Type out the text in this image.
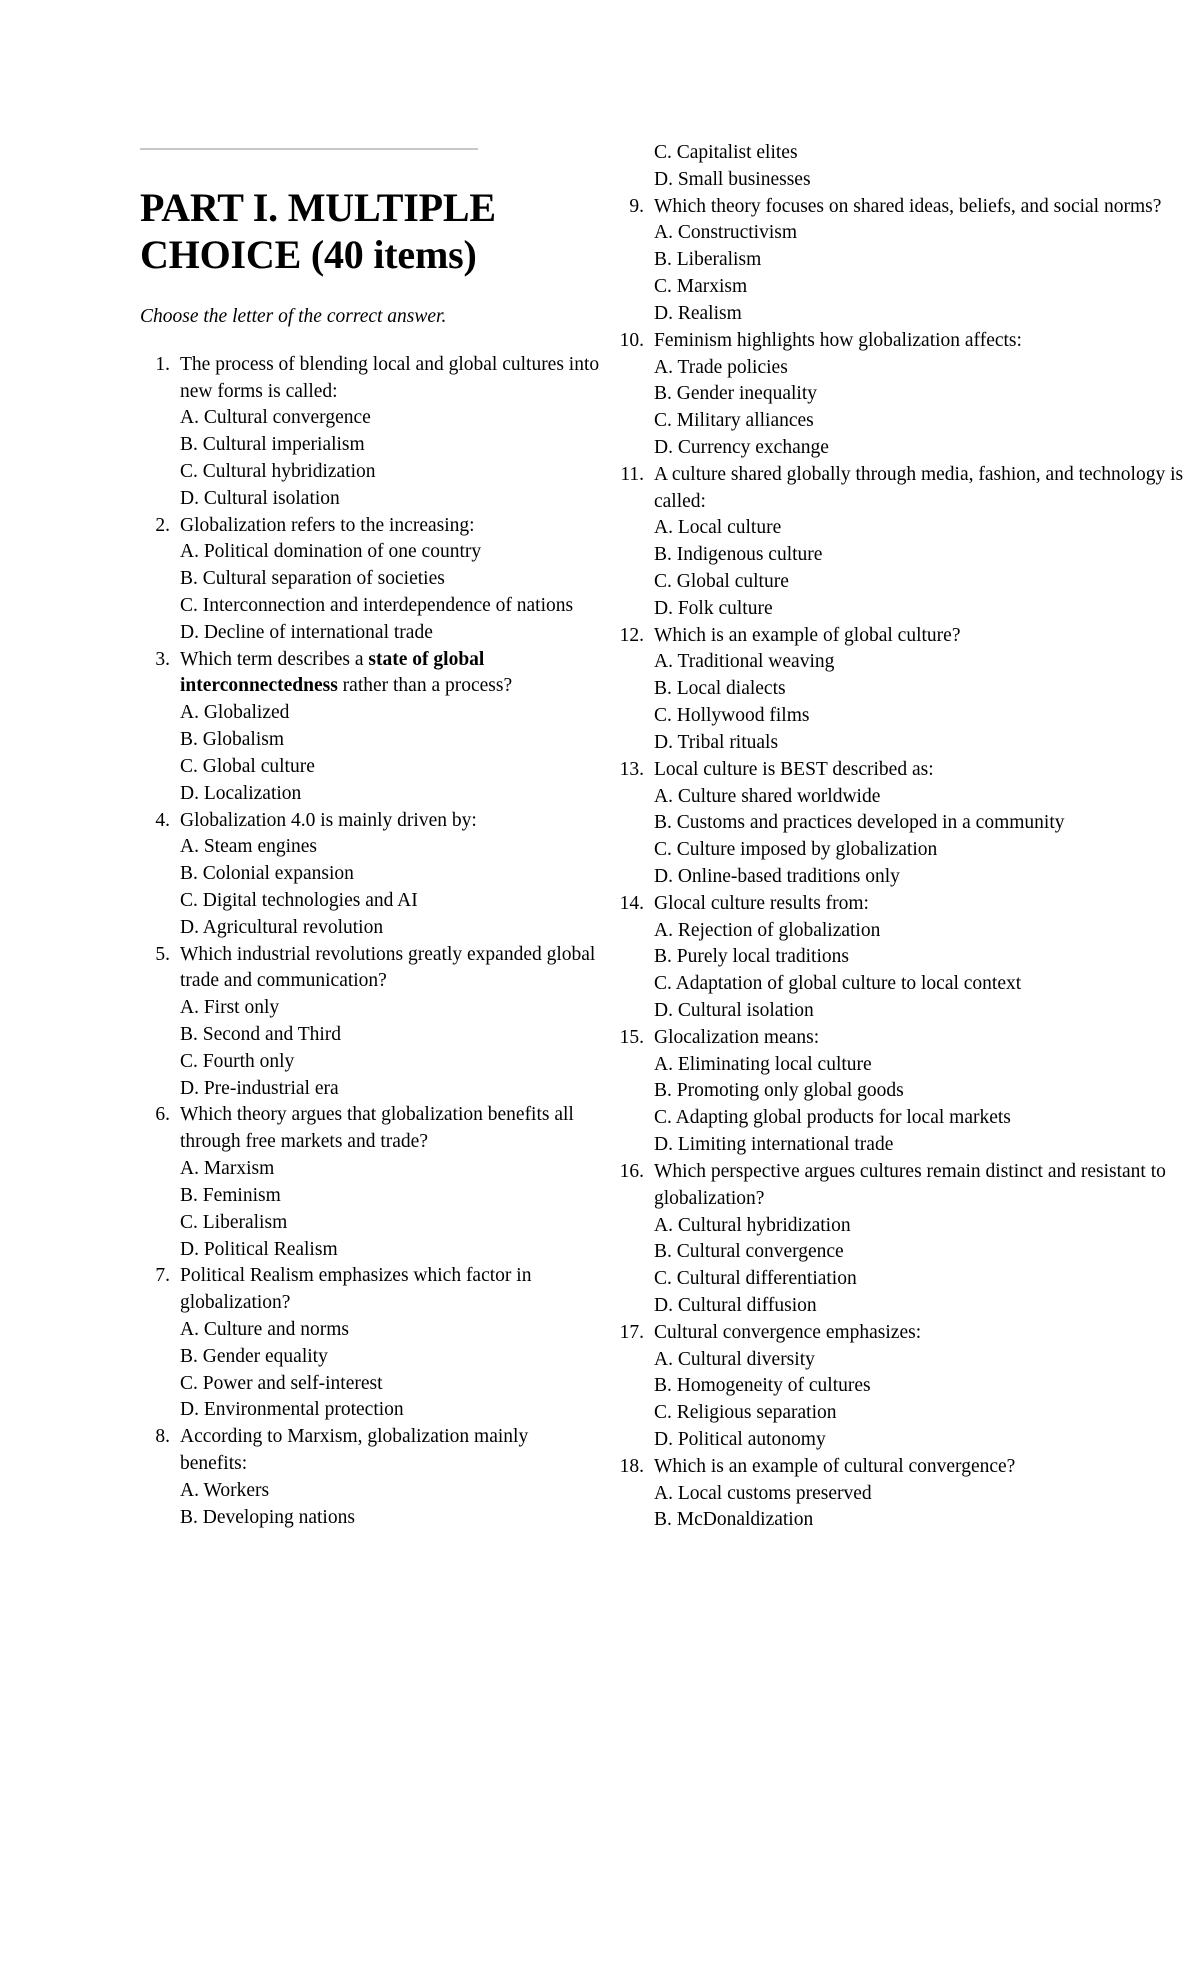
PART I. MULTIPLE CHOICE (40 items)
Choose the letter of the correct answer.
1. The process of blending local and global cultures into new forms is called:
A. Cultural convergence
B. Cultural imperialism
C. Cultural hybridization
D. Cultural isolation
2. Globalization refers to the increasing:
A. Political domination of one country
B. Cultural separation of societies
C. Interconnection and interdependence of nations
D. Decline of international trade
3. Which term describes a state of global interconnectedness rather than a process?
A. Globalized
B. Globalism
C. Global culture
D. Localization
4. Globalization 4.0 is mainly driven by:
A. Steam engines
B. Colonial expansion
C. Digital technologies and AI
D. Agricultural revolution
5. Which industrial revolutions greatly expanded global trade and communication?
A. First only
B. Second and Third
C. Fourth only
D. Pre-industrial era
6. Which theory argues that globalization benefits all through free markets and trade?
A. Marxism
B. Feminism
C. Liberalism
D. Political Realism
7. Political Realism emphasizes which factor in globalization?
A. Culture and norms
B. Gender equality
C. Power and self-interest
D. Environmental protection
8. According to Marxism, globalization mainly benefits:
A. Workers
B. Developing nations
C. Capitalist elites
D. Small businesses
9. Which theory focuses on shared ideas, beliefs, and social norms?
A. Constructivism
B. Liberalism
C. Marxism
D. Realism
10. Feminism highlights how globalization affects:
A. Trade policies
B. Gender inequality
C. Military alliances
D. Currency exchange
11. A culture shared globally through media, fashion, and technology is called:
A. Local culture
B. Indigenous culture
C. Global culture
D. Folk culture
12. Which is an example of global culture?
A. Traditional weaving
B. Local dialects
C. Hollywood films
D. Tribal rituals
13. Local culture is BEST described as:
A. Culture shared worldwide
B. Customs and practices developed in a community
C. Culture imposed by globalization
D. Online-based traditions only
14. Glocal culture results from:
A. Rejection of globalization
B. Purely local traditions
C. Adaptation of global culture to local context
D. Cultural isolation
15. Glocalization means:
A. Eliminating local culture
B. Promoting only global goods
C. Adapting global products for local markets
D. Limiting international trade
16. Which perspective argues cultures remain distinct and resistant to globalization?
A. Cultural hybridization
B. Cultural convergence
C. Cultural differentiation
D. Cultural diffusion
17. Cultural convergence emphasizes:
A. Cultural diversity
B. Homogeneity of cultures
C. Religious separation
D. Political autonomy
18. Which is an example of cultural convergence?
A. Local customs preserved
B. McDonaldization
